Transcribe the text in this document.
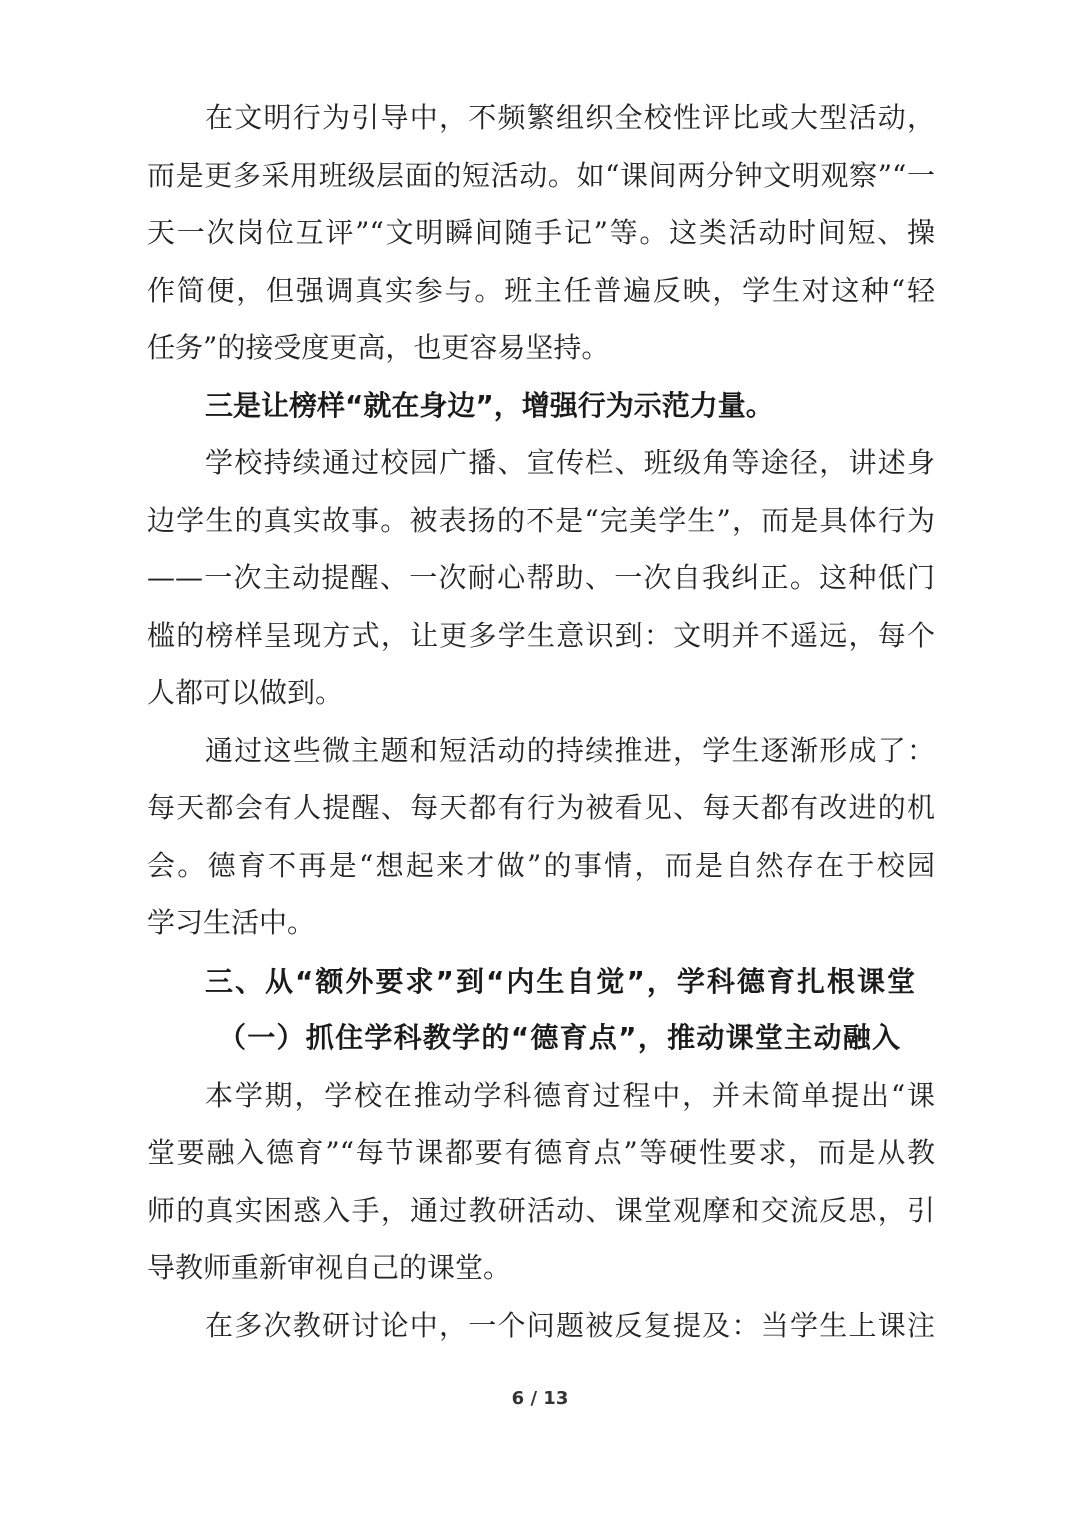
在文明行为引导中，不频繁组织全校性评比或大型活动，
而是更多采用班级层面的短活动。如“课间两分钟文明观察”“一
天一次岗位互评”“文明瞬间随手记”等。这类活动时间短、操
作简便，但强调真实参与。班主任普遍反映，学生对这种“轻
任务”的接受度更高，也更容易坚持。
三是让榜样“就在身边”，增强行为示范力量。
学校持续通过校园广播、宣传栏、班级角等途径，讲述身
边学生的真实故事。被表扬的不是“完美学生”，而是具体行为
——一次主动提醒、一次耐心帮助、一次自我纠正。这种低门
槛的榜样呈现方式，让更多学生意识到：文明并不遥远，每个
人都可以做到。
通过这些微主题和短活动的持续推进，学生逐渐形成了：
每天都会有人提醒、每天都有行为被看见、每天都有改进的机
会。德育不再是“想起来才做”的事情，而是自然存在于校园
学习生活中。
三、从“额外要求”到“内生自觉”，学科德育扎根课堂
（一）抓住学科教学的“德育点”，推动课堂主动融入
本学期，学校在推动学科德育过程中，并未简单提出“课
堂要融入德育”“每节课都要有德育点”等硬性要求，而是从教
师的真实困惑入手，通过教研活动、课堂观摩和交流反思，引
导教师重新审视自己的课堂。
在多次教研讨论中，一个问题被反复提及：当学生上课注
6 / 13
